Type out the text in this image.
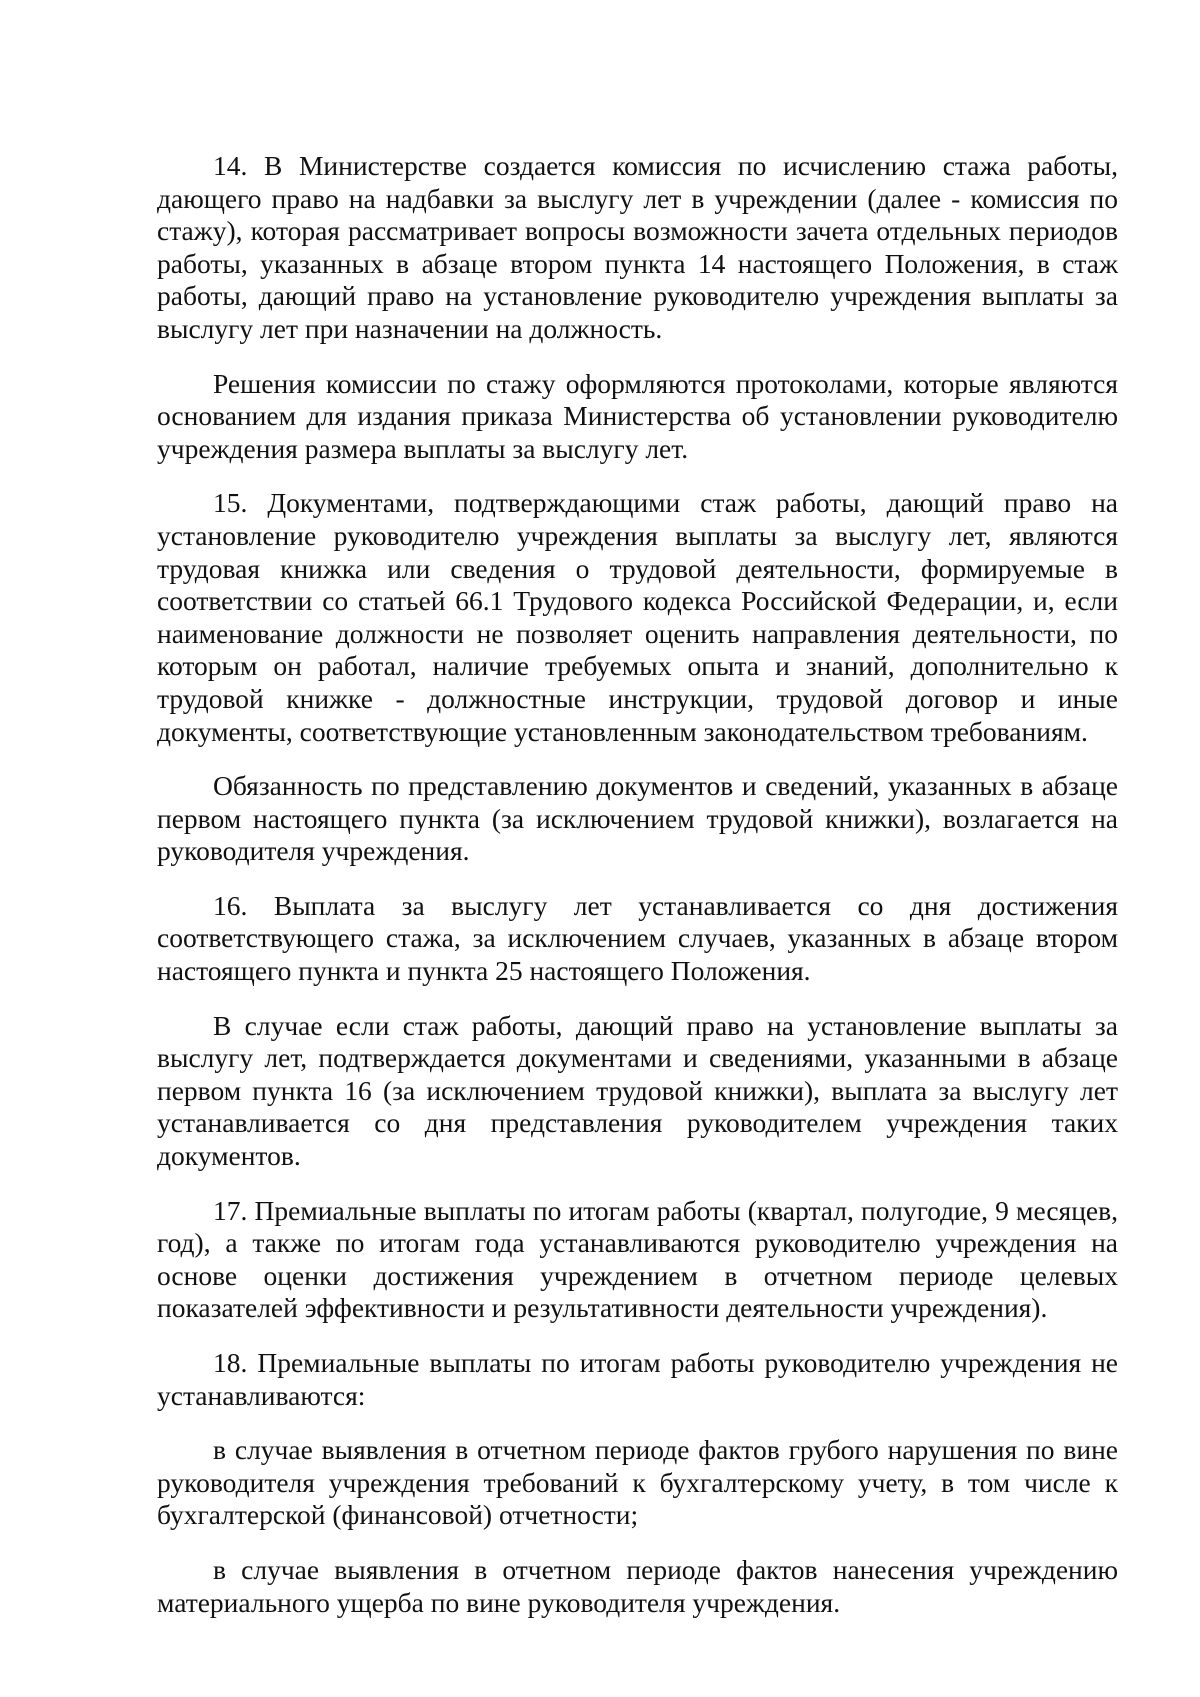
14. В Министерстве создается комиссия по исчислению стажа работы, дающего право на надбавки за выслугу лет в учреждении (далее - комиссия по стажу), которая рассматривает вопросы возможности зачета отдельных периодов работы, указанных в абзаце втором пункта 14 настоящего Положения, в стаж работы, дающий право на установление руководителю учреждения выплаты за выслугу лет при назначении на должность.

Решения комиссии по стажу оформляются протоколами, которые являются основанием для издания приказа Министерства об установлении руководителю учреждения размера выплаты за выслугу лет.

15. Документами, подтверждающими стаж работы, дающий право на установление руководителю учреждения выплаты за выслугу лет, являются трудовая книжка или сведения о трудовой деятельности, формируемые в соответствии со статьей 66.1 Трудового кодекса Российской Федерации, и, если наименование должности не позволяет оценить направления деятельности, по которым он работал, наличие требуемых опыта и знаний, дополнительно к трудовой книжке - должностные инструкции, трудовой договор и иные документы, соответствующие установленным законодательством требованиям.

Обязанность по представлению документов и сведений, указанных в абзаце первом настоящего пункта (за исключением трудовой книжки), возлагается на руководителя учреждения.

16. Выплата за выслугу лет устанавливается со дня достижения соответствующего стажа, за исключением случаев, указанных в абзаце втором настоящего пункта и пункта 25 настоящего Положения.

В случае если стаж работы, дающий право на установление выплаты за выслугу лет, подтверждается документами и сведениями, указанными в абзаце первом пункта 16 (за исключением трудовой книжки), выплата за выслугу лет устанавливается со дня представления руководителем учреждения таких документов.

17. Премиальные выплаты по итогам работы (квартал, полугодие, 9 месяцев, год), а также по итогам года устанавливаются руководителю учреждения на основе оценки достижения учреждением в отчетном периоде целевых показателей эффективности и результативности деятельности учреждения).

18. Премиальные выплаты по итогам работы руководителю учреждения не устанавливаются:

в случае выявления в отчетном периоде фактов грубого нарушения по вине руководителя учреждения требований к бухгалтерскому учету, в том числе к бухгалтерской (финансовой) отчетности;

в случае выявления в отчетном периоде фактов нанесения учреждению материального ущерба по вине руководителя учреждения.
